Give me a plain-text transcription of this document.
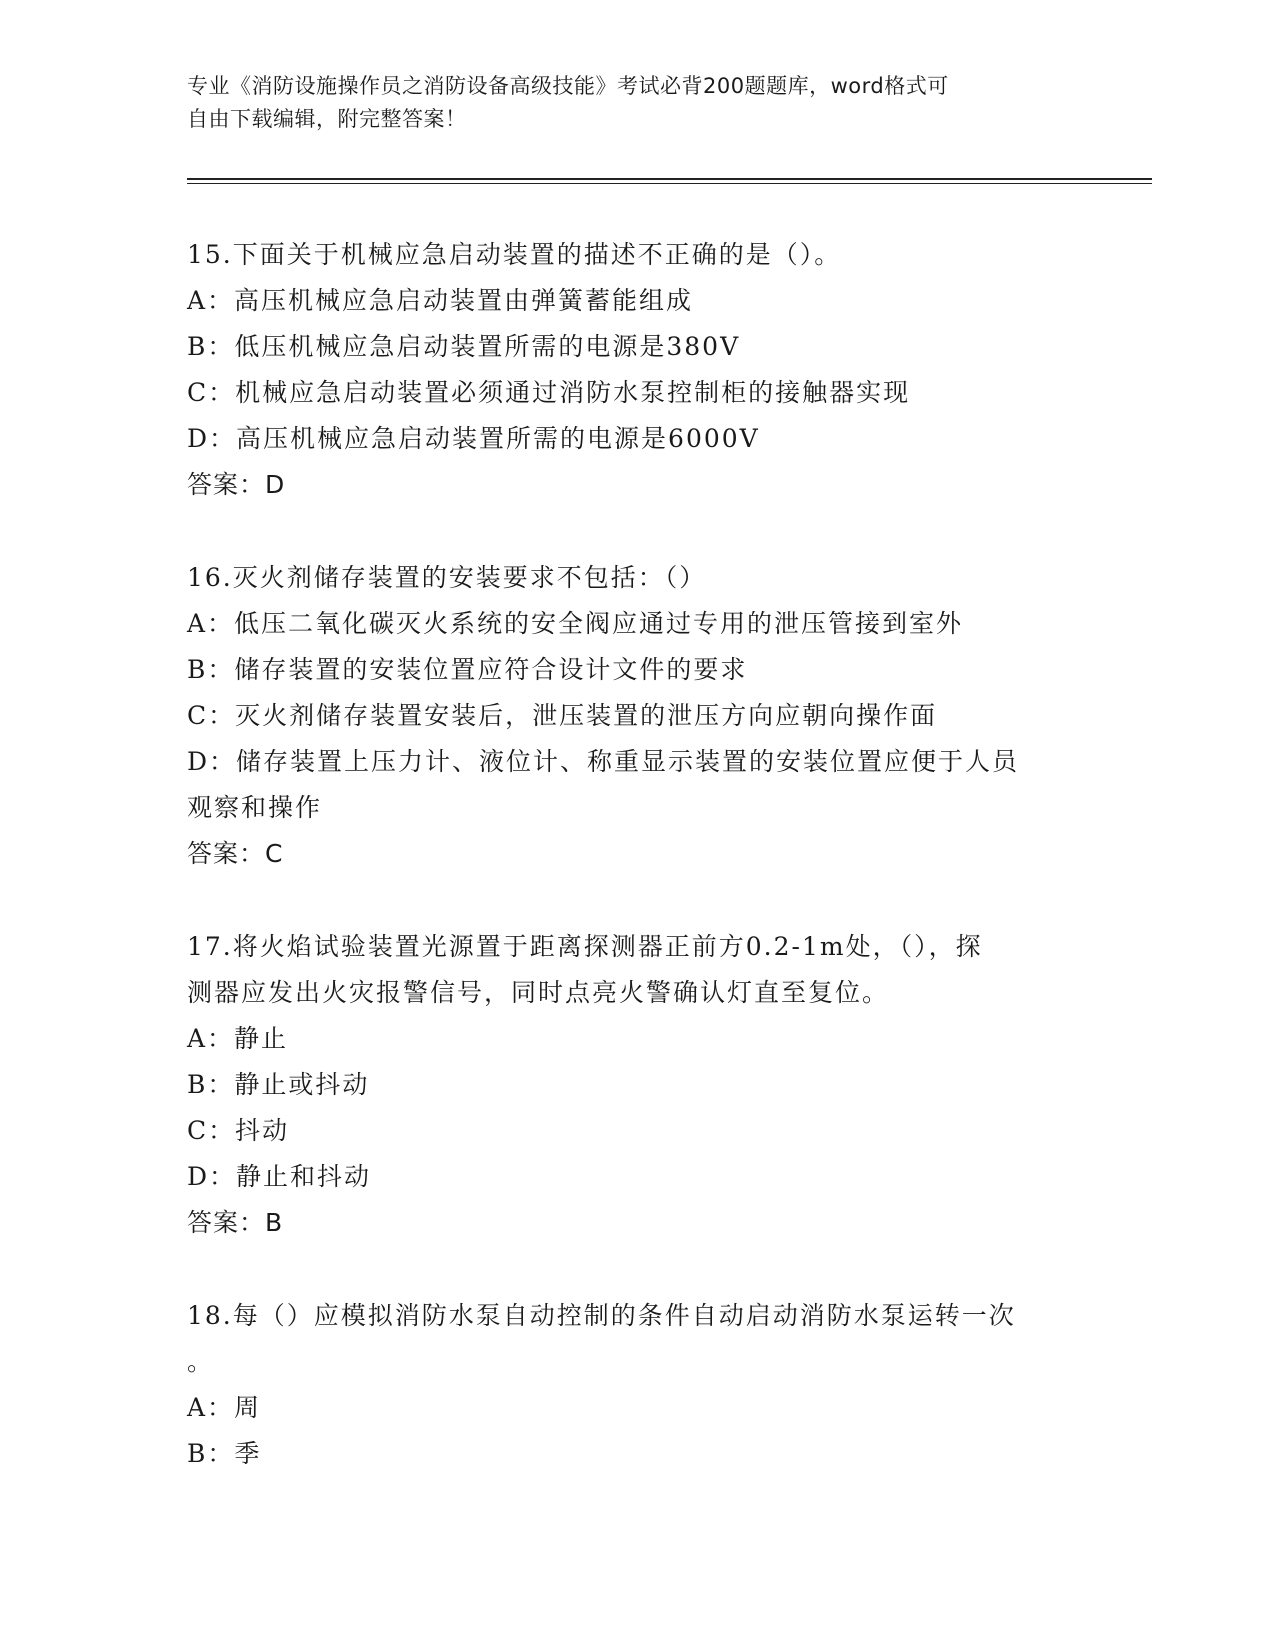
专业《消防设施操作员之消防设备高级技能》考试必背200题题库，word格式可
自由下载编辑，附完整答案！
15.下面关于机械应急启动装置的描述不正确的是（）。
A：高压机械应急启动装置由弹簧蓄能组成
B：低压机械应急启动装置所需的电源是380V
C：机械应急启动装置必须通过消防水泵控制柜的接触器实现
D：高压机械应急启动装置所需的电源是6000V
答案：D
16.灭火剂储存装置的安装要求不包括：（）
A：低压二氧化碳灭火系统的安全阀应通过专用的泄压管接到室外
B：储存装置的安装位置应符合设计文件的要求
C：灭火剂储存装置安装后，泄压装置的泄压方向应朝向操作面
D：储存装置上压力计、液位计、称重显示装置的安装位置应便于人员
观察和操作
答案：C
17.将火焰试验装置光源置于距离探测器正前方0.2-1m处，（），探
测器应发出火灾报警信号，同时点亮火警确认灯直至复位。
A：静止
B：静止或抖动
C：抖动
D：静止和抖动
答案：B
18.每（）应模拟消防水泵自动控制的条件自动启动消防水泵运转一次
。
A：周
B：季
